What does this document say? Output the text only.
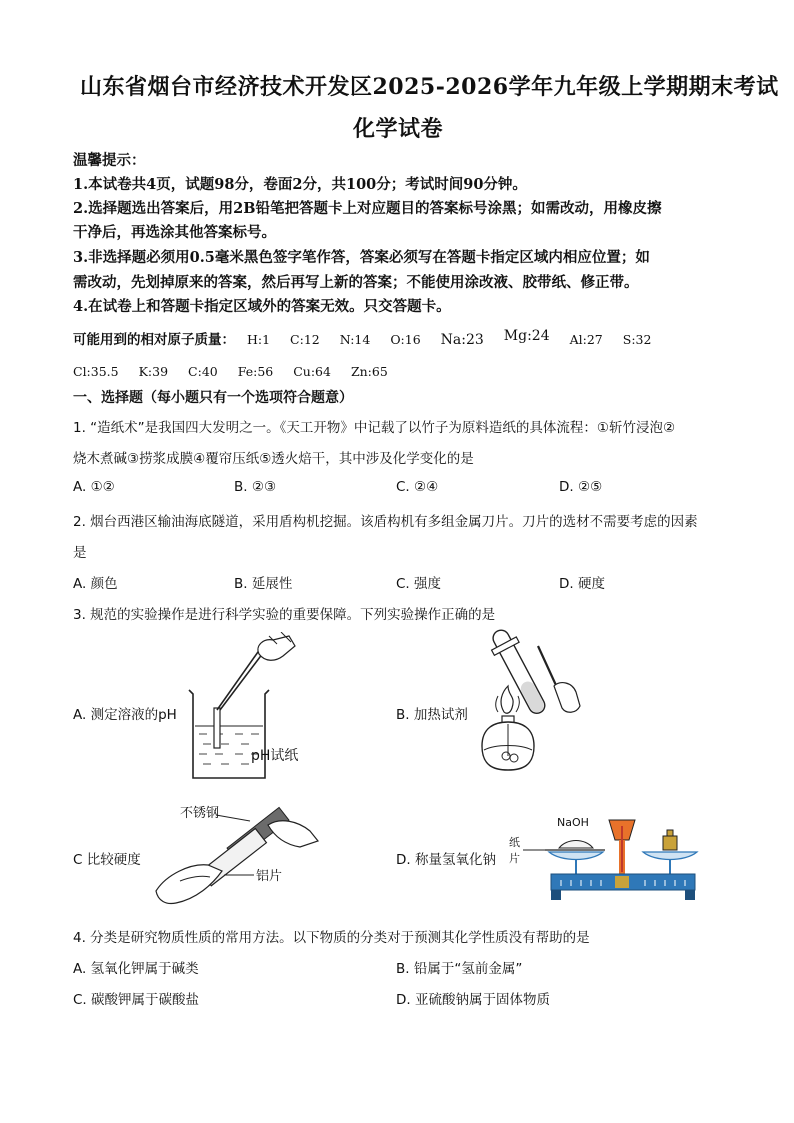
山东省烟台市经济技术开发区2025-2026学年九年级上学期期末考试
化学试卷
温馨提示：
1.本试卷共4页，试题98分，卷面2分，共100分；考试时间90分钟。
2.选择题选出答案后，用2B铅笔把答题卡上对应题目的答案标号涂黑；如需改动，用橡皮擦
干净后，再选涂其他答案标号。
3.非选择题必须用0.5毫米黑色签字笔作答，答案必须写在答题卡指定区域内相应位置；如
需改动，先划掉原来的答案，然后再写上新的答案；不能使用涂改液、胶带纸、修正带。
4.在试卷上和答题卡指定区域外的答案无效。只交答题卡。
可能用到的相对原子质量： H:1 C:12 N:14 O:16 Na:23 Mg:24 Al:27 S:32
Cl:35.5 K:39 C:40 Fe:56 Cu:64 Zn:65
一、选择题（每小题只有一个选项符合题意）
1. “造纸术”是我国四大发明之一。《天工开物》中记载了以竹子为原料造纸的具体流程：①斩竹浸泡②
烧木煮碱③捞浆成膜④覆帘压纸⑤透火焙干，其中涉及化学变化的是
A. ①②	B. ②③	C. ②④	D. ②⑤
2. 烟台西港区输油海底隧道，采用盾构机挖掘。该盾构机有多组金属刀片。刀片的选材不需要考虑的因素
是
A. 颜色	B. 延展性	C. 强度	D. 硬度
3. 规范的实验操作是进行科学实验的重要保障。下列实验操作正确的是
A. 测定溶液的pH	B. 加热试剂
C 比较硬度	D. 称量氢氧化钠
pH试纸
不锈钢
铝片
NaOH
纸
片
4. 分类是研究物质性质的常用方法。以下物质的分类对于预测其化学性质没有帮助的是
A. 氢氧化钾属于碱类	B. 铅属于“氢前金属”
C. 碳酸钾属于碳酸盐	D. 亚硫酸钠属于固体物质
